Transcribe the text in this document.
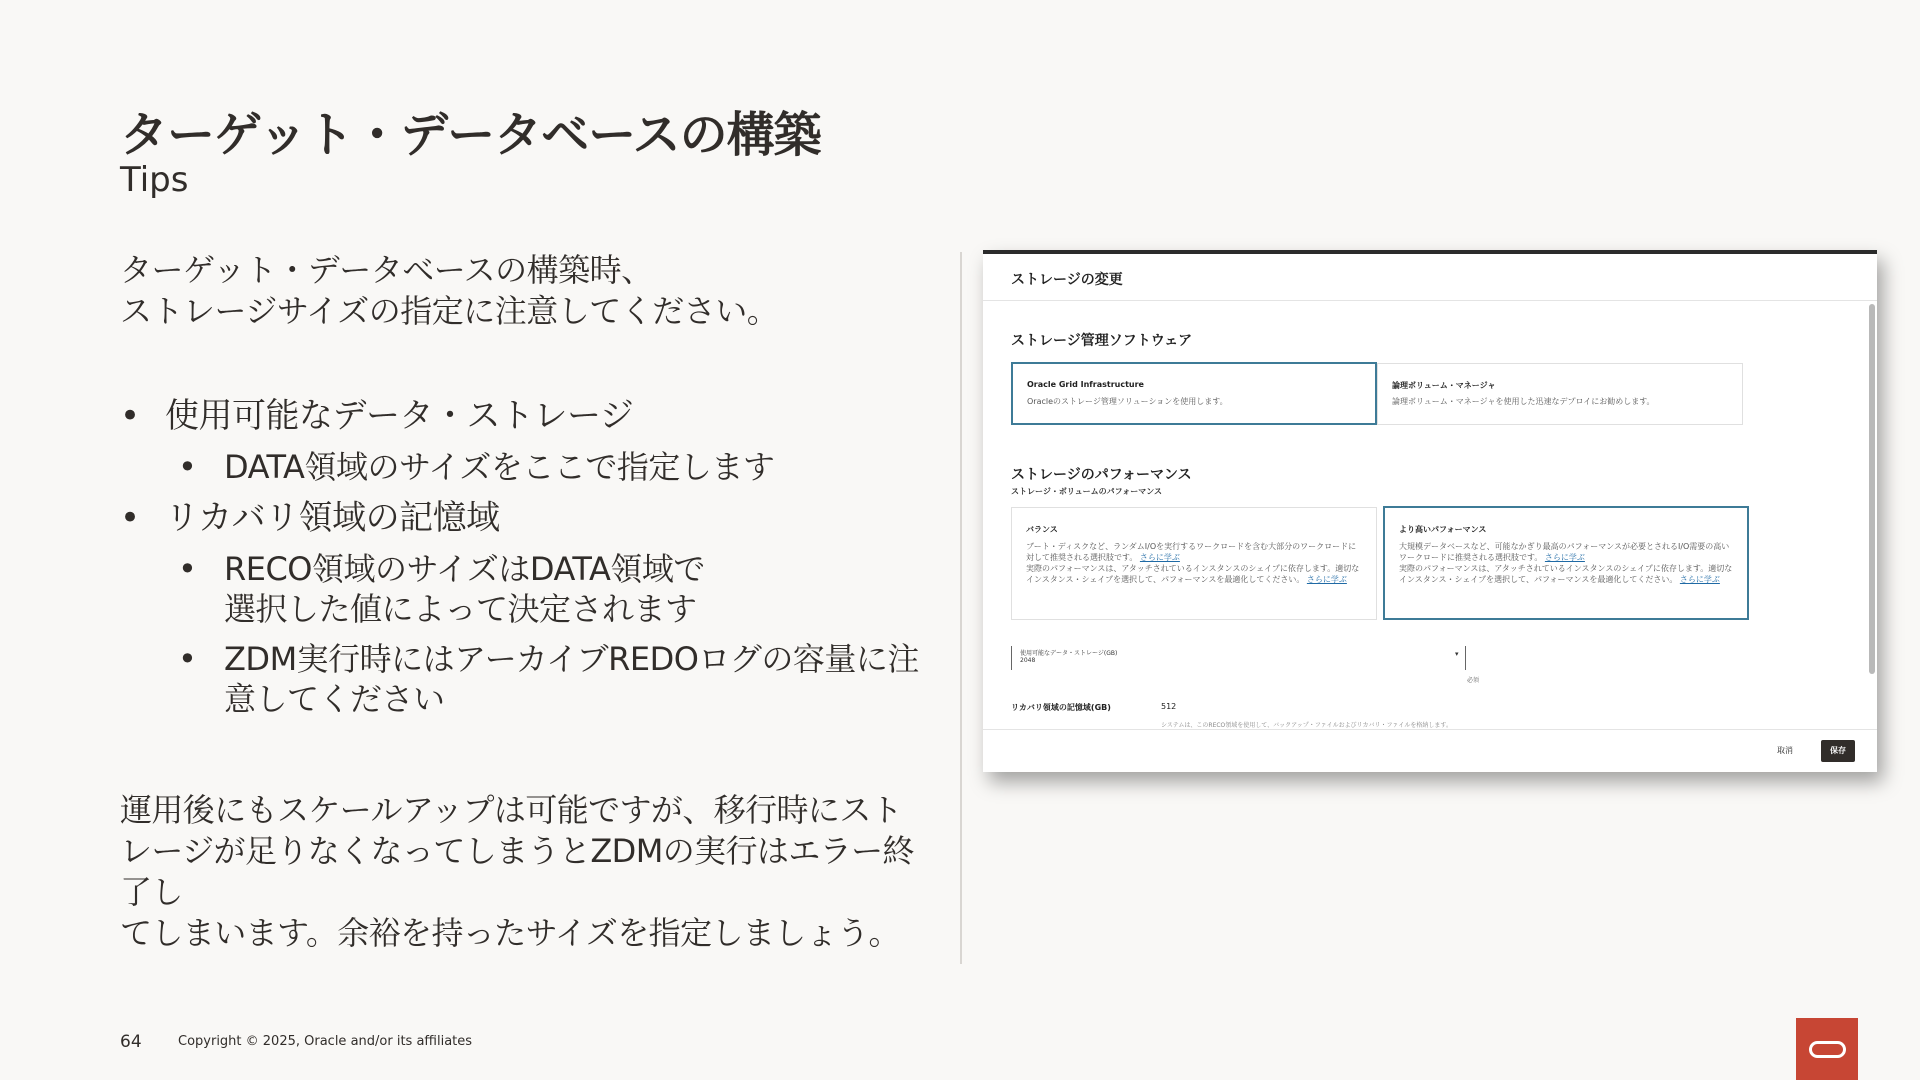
ターゲット・データベースの構築
Tips
ターゲット・データベースの構築時、
ストレージサイズの指定に注意してください。
• 使用可能なデータ・ストレージ
• DATA領域のサイズをここで指定します
• リカバリ領域の記憶域
• RECO領域のサイズはDATA領域で
選択した値によって決定されます
• ZDM実行時にはアーカイブREDOログの容量に注
意してください
運用後にもスケールアップは可能ですが、移行時にスト
レージが足りなくなってしまうとZDMの実行はエラー終了し
てしまいます。余裕を持ったサイズを指定しましょう。
ストレージの変更
ストレージ管理ソフトウェア
Oracle Grid Infrastructure
Oracleのストレージ管理ソリューションを使用します。
論理ボリューム・マネージャ
論理ボリューム・マネージャを使用した迅速なデプロイにお勧めします。
ストレージのパフォーマンス
ストレージ・ボリュームのパフォーマンス
バランス
ブート・ディスクなど、ランダムI/Oを実行するワークロードを含む大部分のワークロードに対して推奨される選択肢です。 さらに学ぶ
実際のパフォーマンスは、アタッチされているインスタンスのシェイプに依存します。適切なインスタンス・シェイプを選択して、パフォーマンスを最適化してください。 さらに学ぶ
より高いパフォーマンス
大規模データベースなど、可能なかぎり最高のパフォーマンスが必要とされるI/O需要の高いワークロードに推奨される選択肢です。 さらに学ぶ
実際のパフォーマンスは、アタッチされているインスタンスのシェイプに依存します。適切なインスタンス・シェイプを選択して、パフォーマンスを最適化してください。 さらに学ぶ
使用可能なデータ・ストレージ(GB)
2048
▾
必須
リカバリ領域の記憶域(GB)	512
システムは、このRECO領域を使用して、バックアップ・ファイルおよびリカバリ・ファイルを格納します。
取消	保存
64	Copyright © 2025, Oracle and/or its affiliates
